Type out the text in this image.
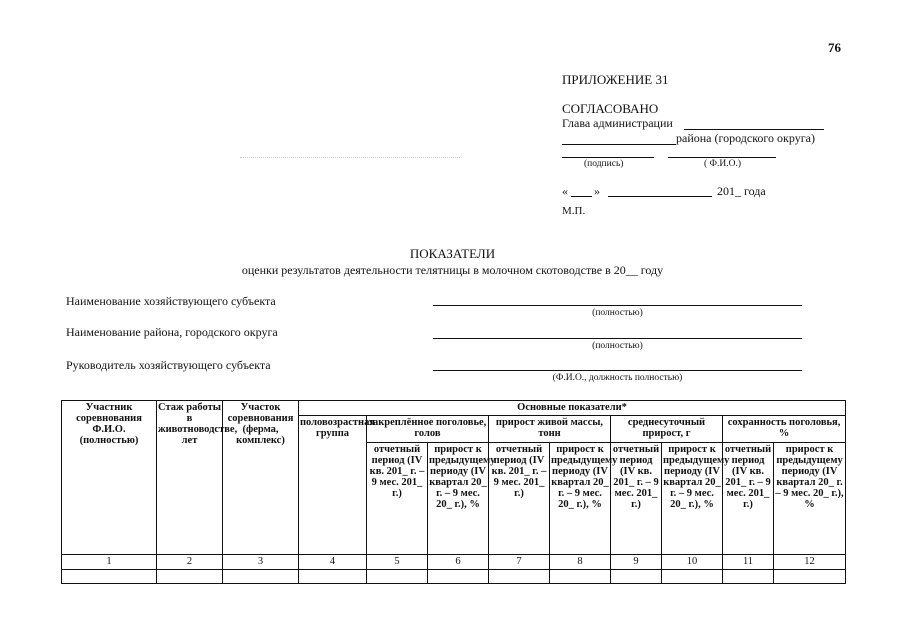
76
ПРИЛОЖЕНИЕ 31
СОГЛАСОВАНО
Глава администрации
района (городского округа)
(подпись)	( Ф.И.О.)
« »	201_ года
М.П.
ПОКАЗАТЕЛИ
оценки результатов деятельности телятницы в молочном скотоводстве в 20__ году
Наименование хозяйствующего субъекта
(полностью)
Наименование района, городского округа
(полностью)
Руководитель хозяйствующего субъекта
(Ф.И.О., должность полностью)
Участник соревнования Ф.И.О. (полностью)	Стаж работы в животноводстве, лет	Участок соревнования (ферма, комплекс)	Основные показатели*								
			половозрастная группа	закреплённое поголовье, голов		прирост живой массы, тонн		среднесуточный прирост, г		сохранность поголовья, %	
				отчетный период (IV кв. 201_ г. – 9 мес. 201_ г.)	прирост к предыдущему периоду (IV квартал 20_ г. – 9 мес. 20_ г.), %	отчетный период (IV кв. 201_ г. – 9 мес. 201_ г.)	прирост к предыдущему периоду (IV квартал 20_ г. – 9 мес. 20_ г.), %	отчетный период (IV кв. 201_ г. – 9 мес. 201_ г.)	прирост к предыдущему периоду (IV квартал 20_ г. – 9 мес. 20_ г.), %	отчетный период (IV кв. 201_ г. – 9 мес. 201_ г.)	прирост к предыдущему периоду (IV квартал 20_ г. – 9 мес. 20_ г.), %
1	2	3	4	5	6	7	8	9	10	11	12
